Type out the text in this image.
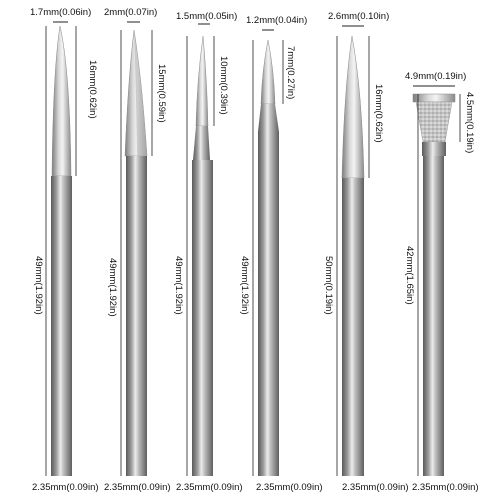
1.7mm(0.06in) 2mm(0.07in) 1.5mm(0.05in) 1.2mm(0.04in) 2.6mm(0.10in)
4.9mm(0.19in)
16mm(0.62in)	15mm(0.59in)	10mm(0.39in)	7mm(0.27in)
16mm(0.62in)	4.5mm(0.19in)
49mm(1.92in)	49mm(1.92in)	49mm(1.92in)	49mm(1.92in)	50mm(0.19in)	42mm(1.65in)
2.35mm(0.09in) 2.35mm(0.09in) 2.35mm(0.09in) 2.35mm(0.09in) 2.35mm(0.09in) 2.35mm(0.09in)
